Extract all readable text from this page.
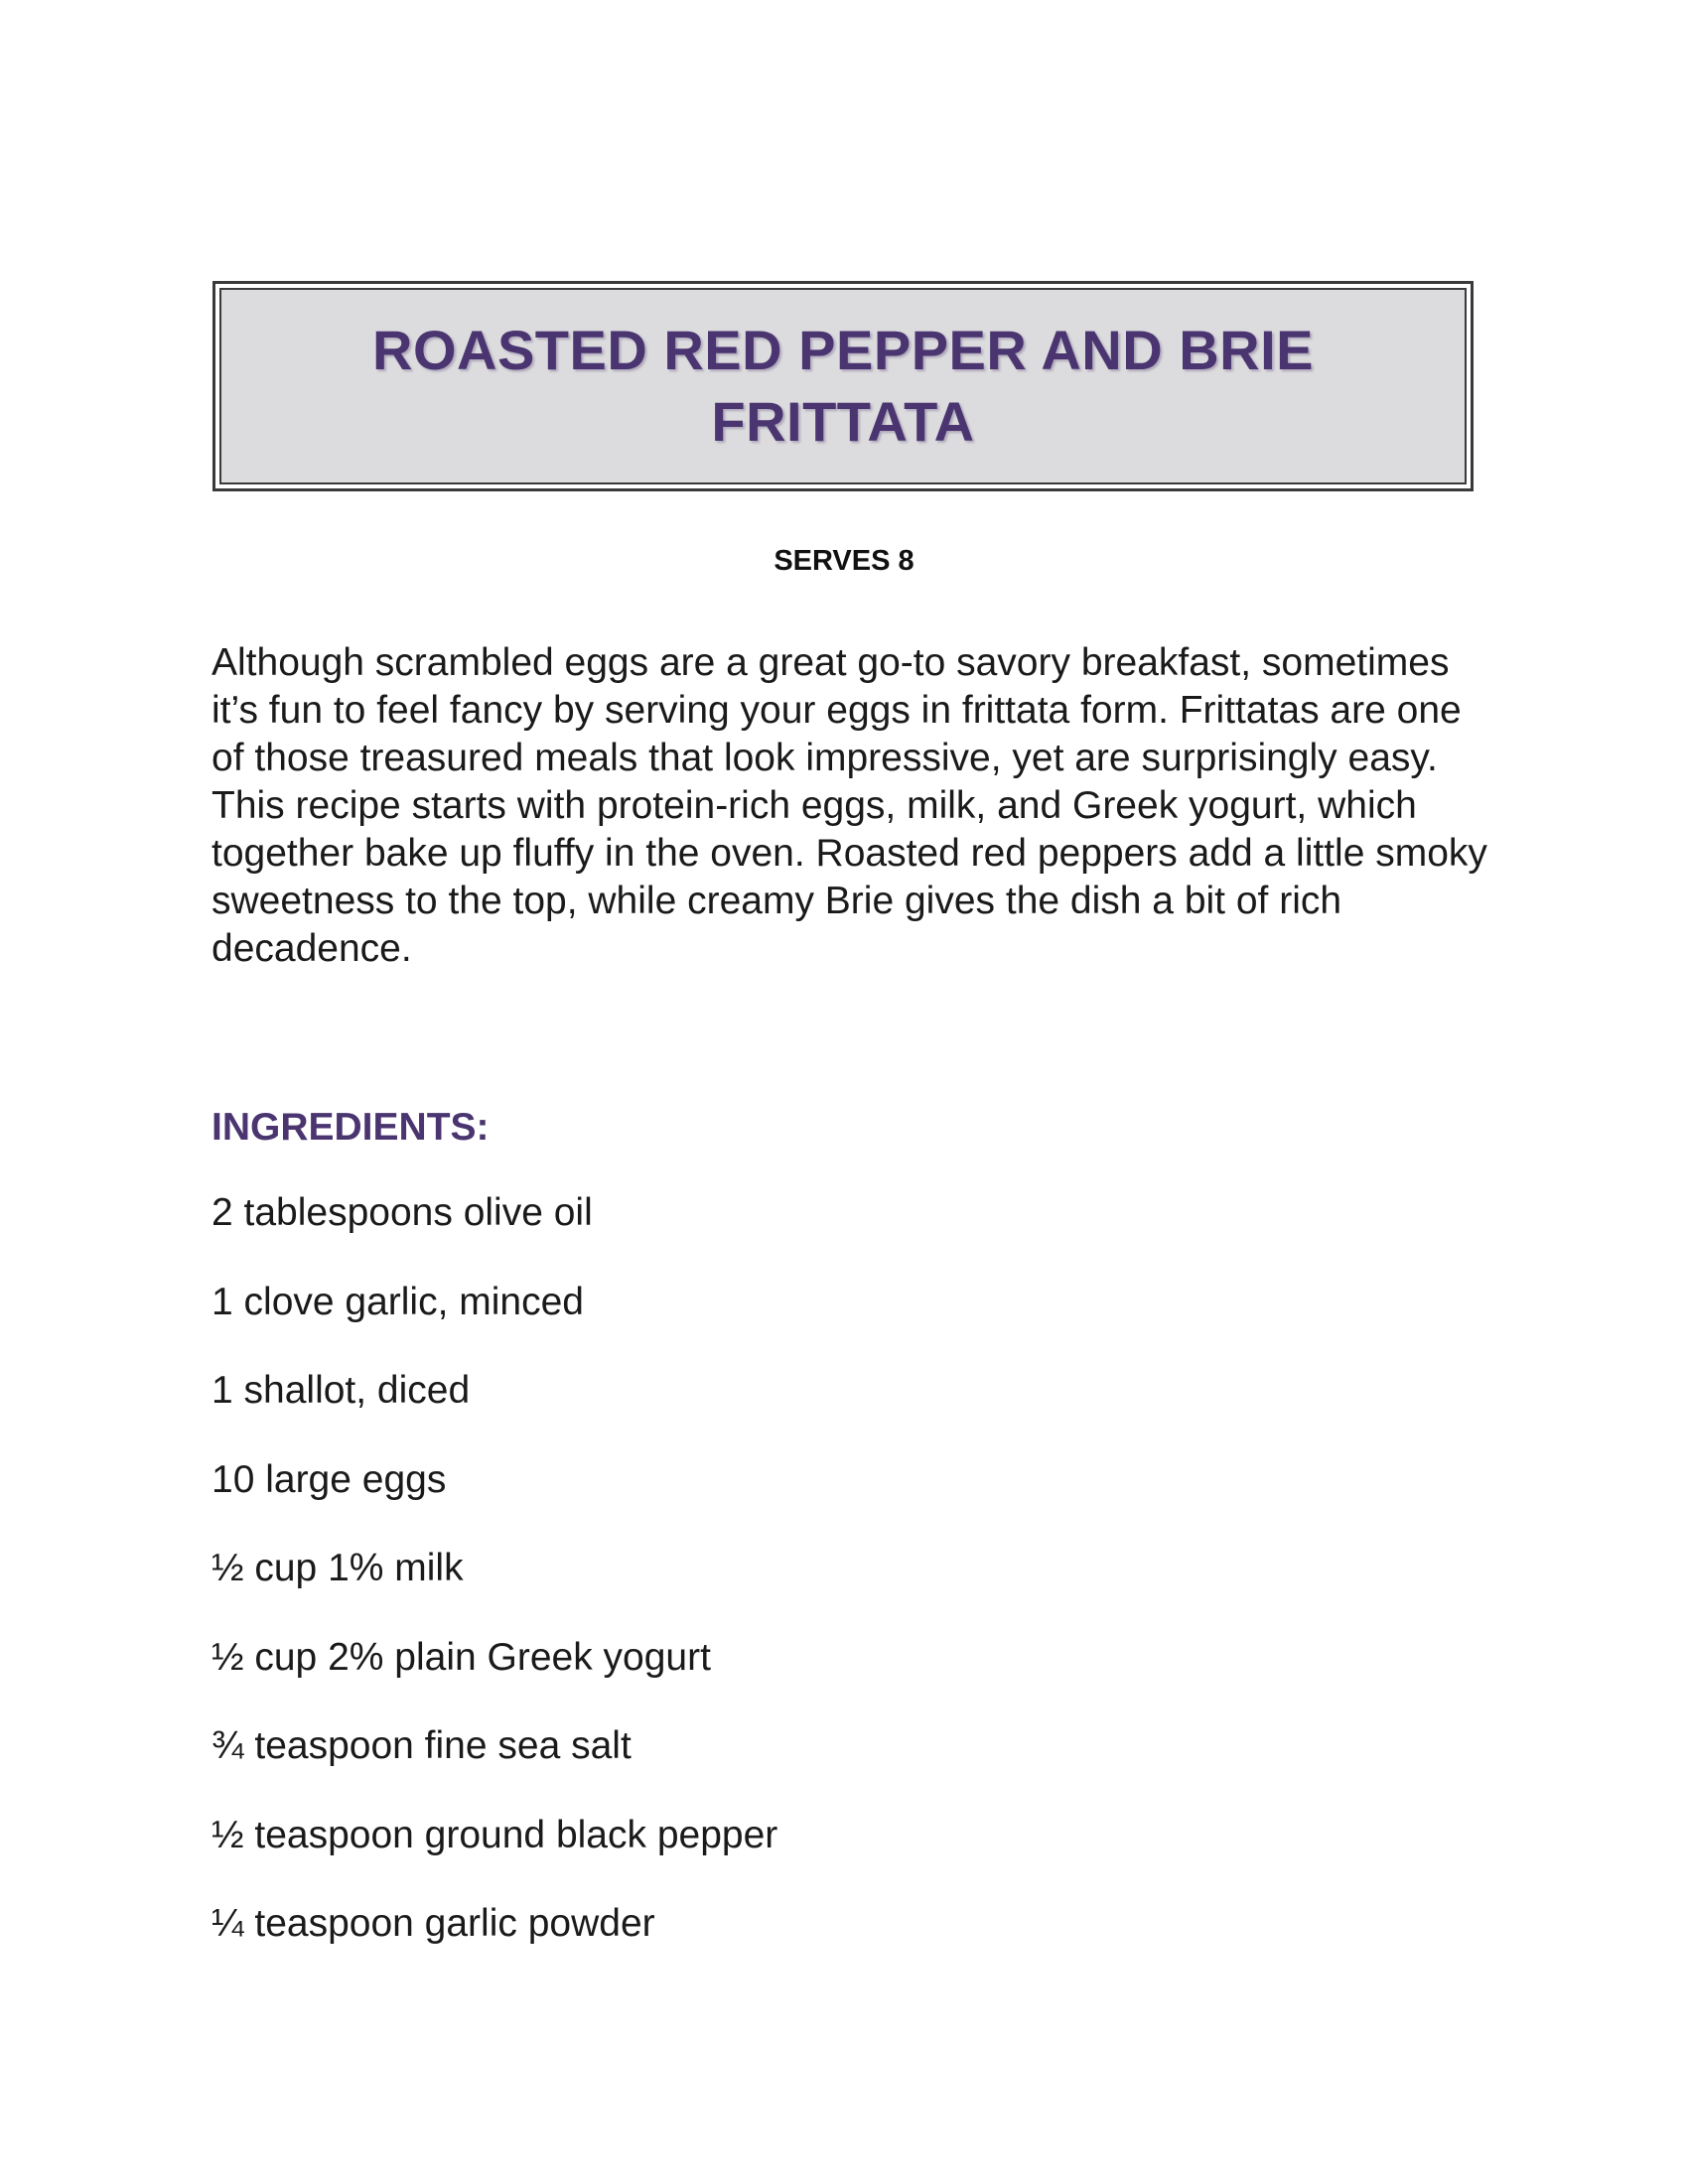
ROASTED RED PEPPER AND BRIE
FRITTATA
SERVES 8

Although scrambled eggs are a great go-to savory breakfast, sometimes it’s fun to feel fancy by serving your eggs in frittata form. Frittatas are one of those treasured meals that look impressive, yet are surprisingly easy. This recipe starts with protein-rich eggs, milk, and Greek yogurt, which together bake up fluffy in the oven. Roasted red peppers add a little smoky sweetness to the top, while creamy Brie gives the dish a bit of rich decadence.

INGREDIENTS:
2 tablespoons olive oil
1 clove garlic, minced
1 shallot, diced
10 large eggs
½ cup 1% milk
½ cup 2% plain Greek yogurt
¾ teaspoon fine sea salt
½ teaspoon ground black pepper
¼ teaspoon garlic powder
